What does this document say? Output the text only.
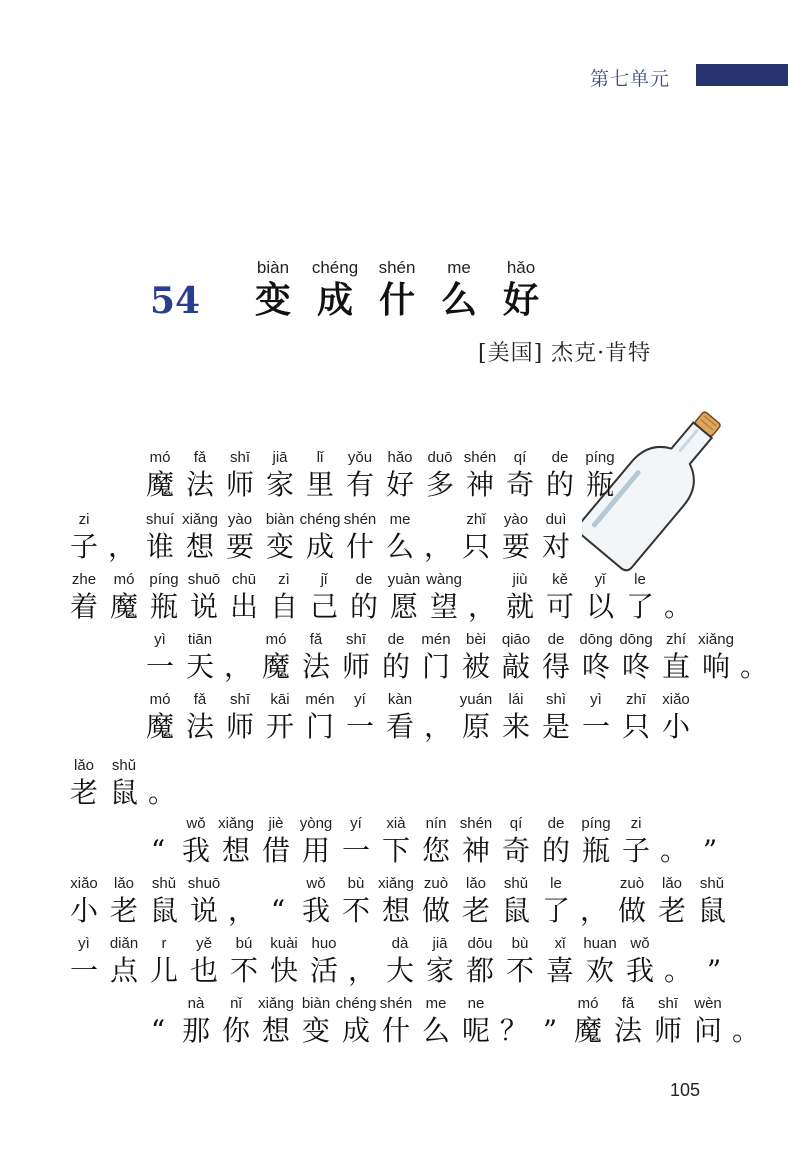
第七单元
54
biàn
变
chéng
成
shén
什
me
么
hǎo
好
[美国] 杰克·肯特
mó
魔
fǎ
法
shī
师
jiā
家
lǐ
里
yǒu
有
hǎo
好
duō
多
shén
神
qí
奇
de
的
píng
瓶
zi
子 ，
shuí
谁
xiǎng
想
yào
要
biàn
变
chéng
成
shén
什
me
么 ，
zhǐ
只
yào
要
duì
对
zhe
着
mó
魔
píng
瓶
shuō
说
chū
出
zì
自
jǐ
己
de
的
yuàn
愿
wàng
望 ，
jiù
就
kě
可
yǐ
以
le
了 。
yì
一
tiān
天 ，
mó
魔
fǎ
法
shī
师
de
的
mén
门
bèi
被
qiāo
敲
de
得
dōng
咚
dōng
咚
zhí
直
xiǎng
响 。
mó
魔
fǎ
法
shī
师
kāi
开
mén
门
yí
一
kàn
看 ，
yuán
原
lái
来
shì
是
yì
一
zhī
只
xiǎo
小
lǎo
老
shǔ
鼠 。
“
wǒ
我
xiǎng
想
jiè
借
yòng
用
yí
一
xià
下
nín
您
shén
神
qí
奇
de
的
píng
瓶
zi
子 。 ”
xiǎo
小
lǎo
老
shǔ
鼠
shuō
说 ， “
wǒ
我
bù
不
xiǎng
想
zuò
做
lǎo
老
shǔ
鼠
le
了 ，
zuò
做
lǎo
老
shǔ
鼠
yì
一
diǎn
点
r
儿
yě
也
bú
不
kuài
快
huo
活 ，
dà
大
jiā
家
dōu
都
bù
不
xǐ
喜
huan
欢
wǒ
我 。 ”
“
nà
那
nǐ
你
xiǎng
想
biàn
变
chéng
成
shén
什
me
么
ne
呢 ？ ”
mó
魔
fǎ
法
shī
师
wèn
问 。
105
